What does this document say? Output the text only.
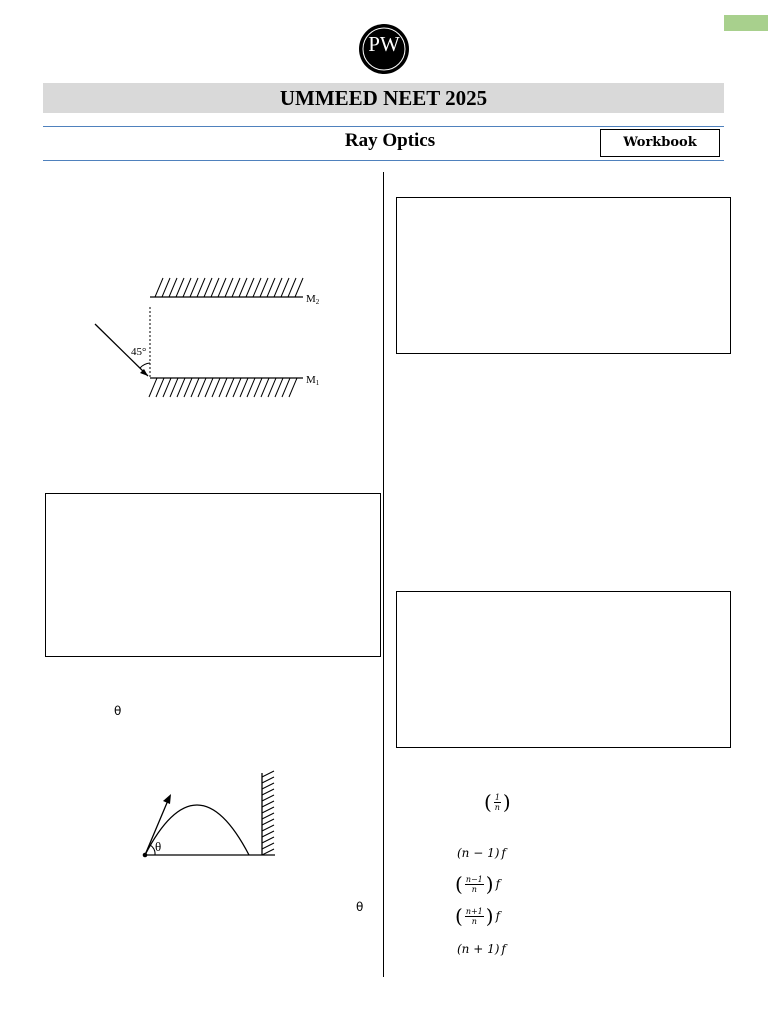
PW
UMMEED NEET 2025
Ray Optics	Workbook
M2
M1
45°
θ
θ
θ
( $\frac{1}{n}$ )
(n − 1) f
( $\frac{n-1}{n}$ ) f
( $\frac{n+1}{n}$ ) f
(n + 1) f
